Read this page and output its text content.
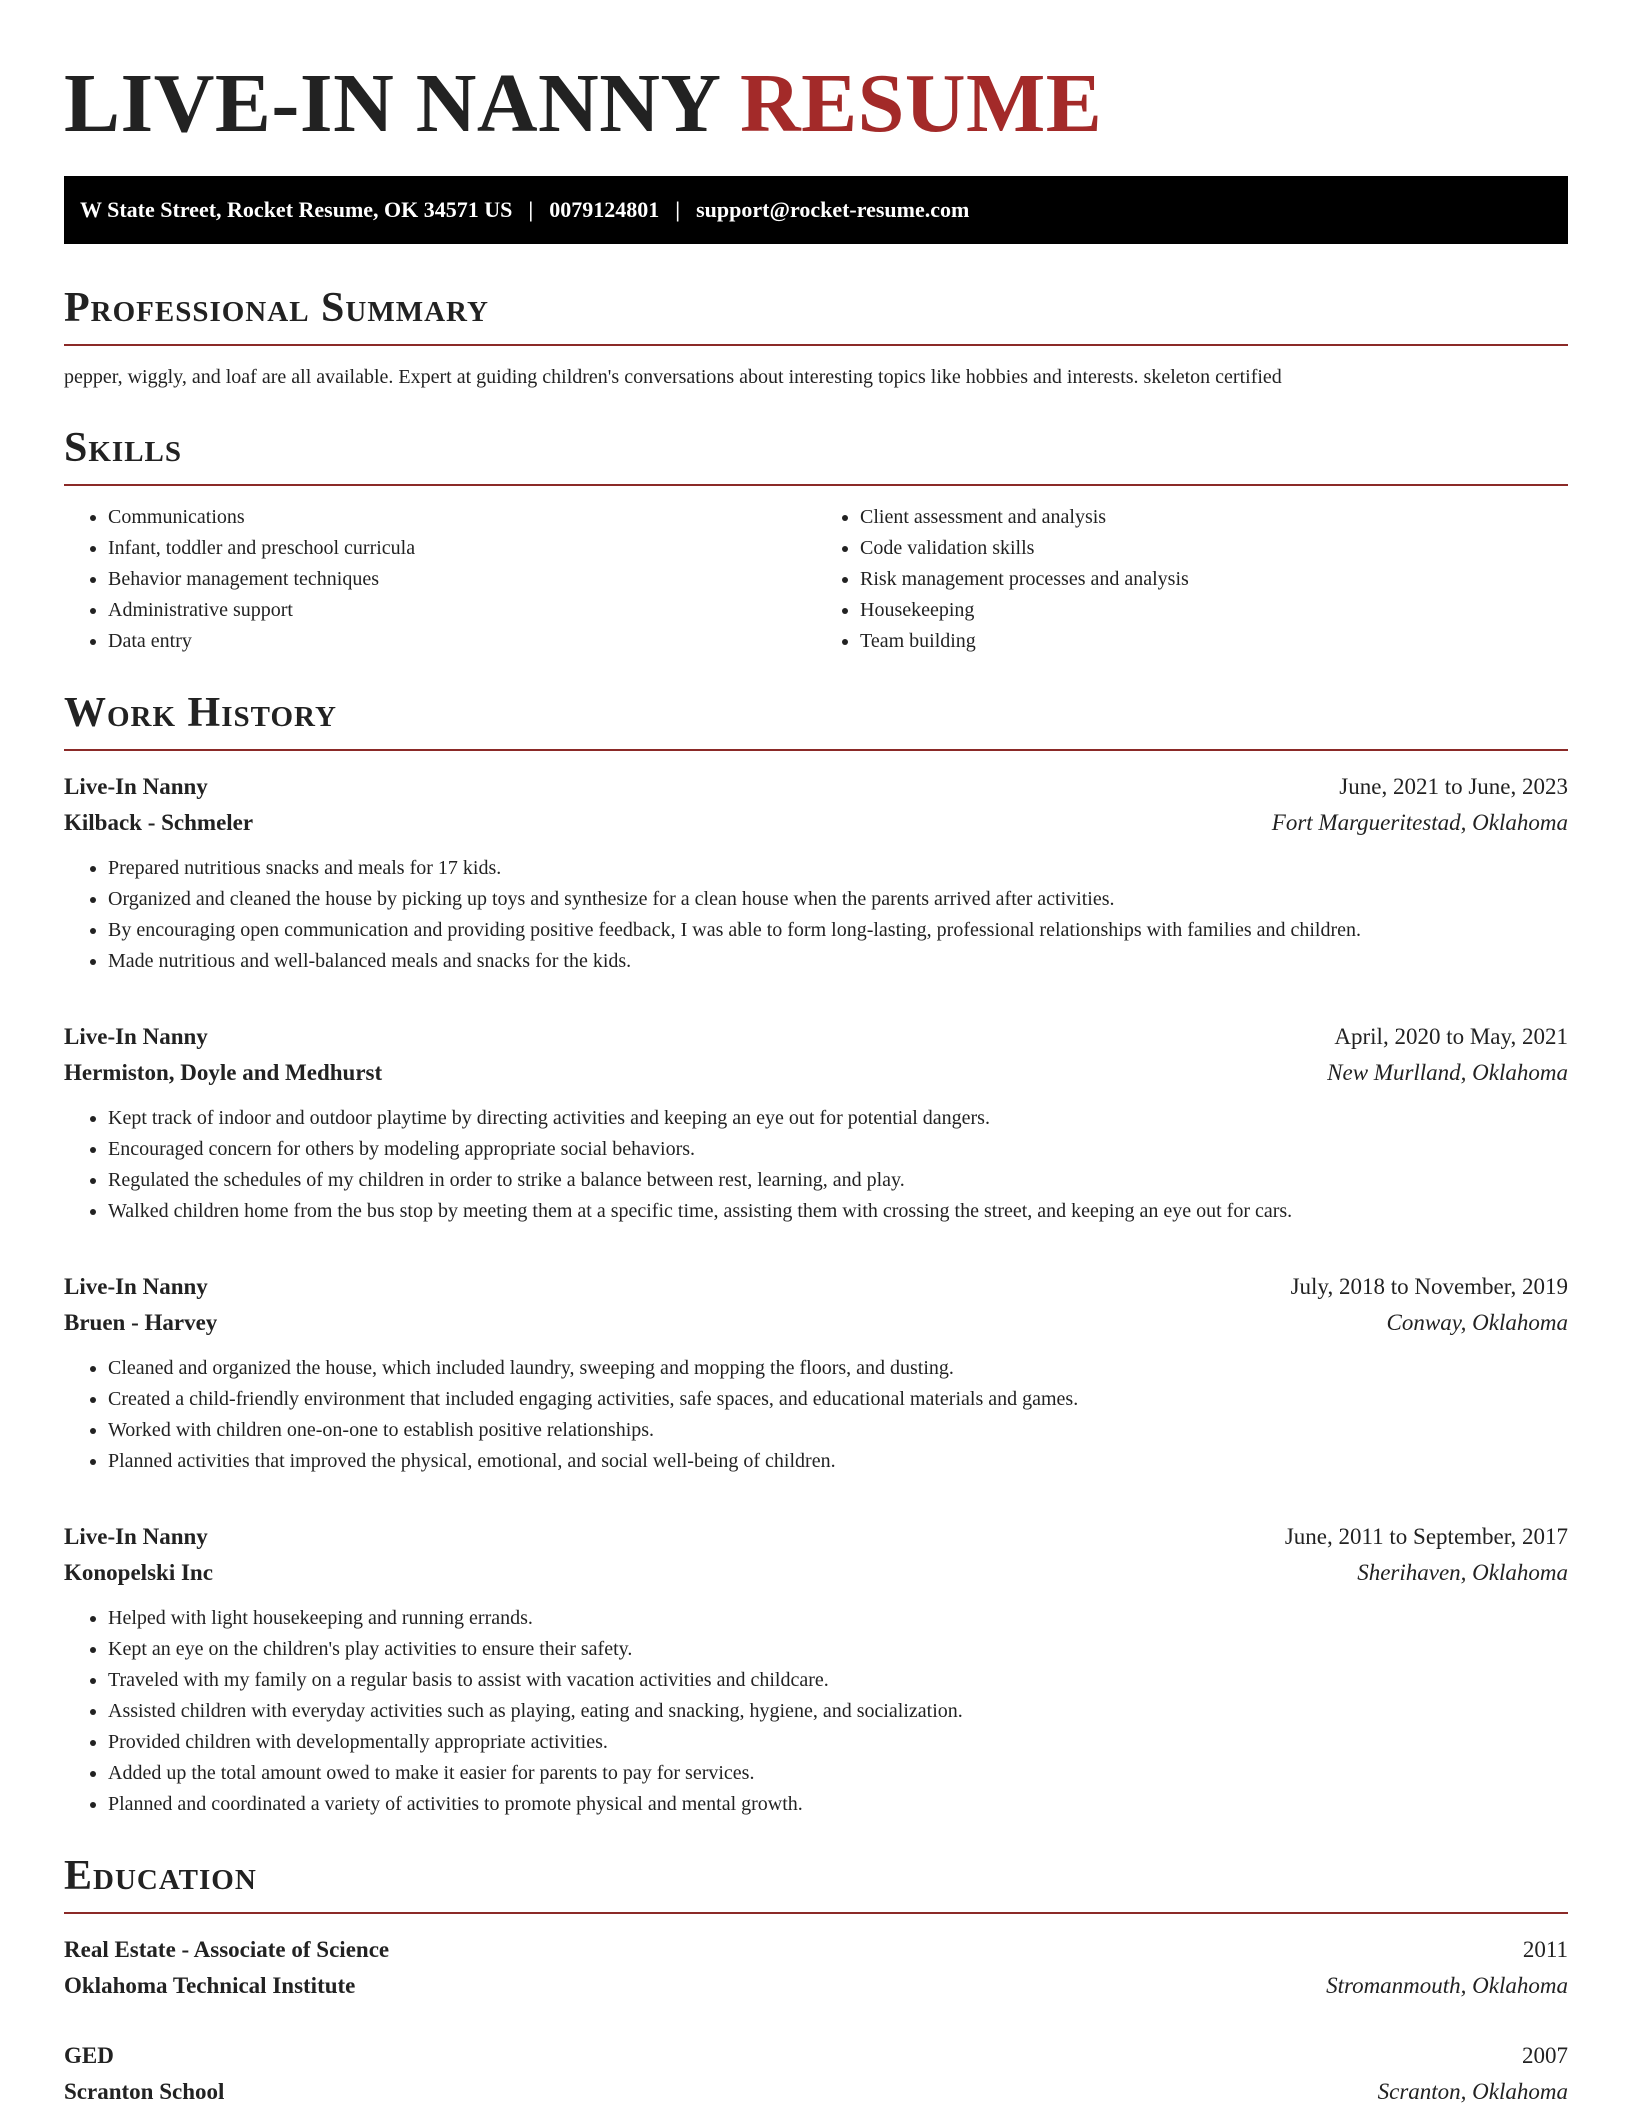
LIVE-IN NANNY RESUME
W State Street, Rocket Resume, OK 34571 US | 0079124801 | support@rocket-resume.com
Professional Summary

pepper, wiggly, and loaf are all available. Expert at guiding children's conversations about interesting topics like hobbies and interests. skeleton certified

Skills
• Communications
• Infant, toddler and preschool curricula
• Behavior management techniques
• Administrative support
• Data entry
• Client assessment and analysis
• Code validation skills
• Risk management processes and analysis
• Housekeeping
• Team building
Work History
Live-In Nanny	June, 2021 to June, 2023
Kilback - Schmeler	Fort Margueritestad, Oklahoma
• Prepared nutritious snacks and meals for 17 kids.
• Organized and cleaned the house by picking up toys and synthesize for a clean house when the parents arrived after activities.
• By encouraging open communication and providing positive feedback, I was able to form long-lasting, professional relationships with families and children.
• Made nutritious and well-balanced meals and snacks for the kids.
Live-In Nanny	April, 2020 to May, 2021
Hermiston, Doyle and Medhurst	New Murlland, Oklahoma
• Kept track of indoor and outdoor playtime by directing activities and keeping an eye out for potential dangers.
• Encouraged concern for others by modeling appropriate social behaviors.
• Regulated the schedules of my children in order to strike a balance between rest, learning, and play.
• Walked children home from the bus stop by meeting them at a specific time, assisting them with crossing the street, and keeping an eye out for cars.
Live-In Nanny	July, 2018 to November, 2019
Bruen - Harvey	Conway, Oklahoma
• Cleaned and organized the house, which included laundry, sweeping and mopping the floors, and dusting.
• Created a child-friendly environment that included engaging activities, safe spaces, and educational materials and games.
• Worked with children one-on-one to establish positive relationships.
• Planned activities that improved the physical, emotional, and social well-being of children.
Live-In Nanny	June, 2011 to September, 2017
Konopelski Inc	Sherihaven, Oklahoma
• Helped with light housekeeping and running errands.
• Kept an eye on the children's play activities to ensure their safety.
• Traveled with my family on a regular basis to assist with vacation activities and childcare.
• Assisted children with everyday activities such as playing, eating and snacking, hygiene, and socialization.
• Provided children with developmentally appropriate activities.
• Added up the total amount owed to make it easier for parents to pay for services.
• Planned and coordinated a variety of activities to promote physical and mental growth.
Education
Real Estate - Associate of Science	2011
Oklahoma Technical Institute	Stromanmouth, Oklahoma
GED	2007
Scranton School	Scranton, Oklahoma
